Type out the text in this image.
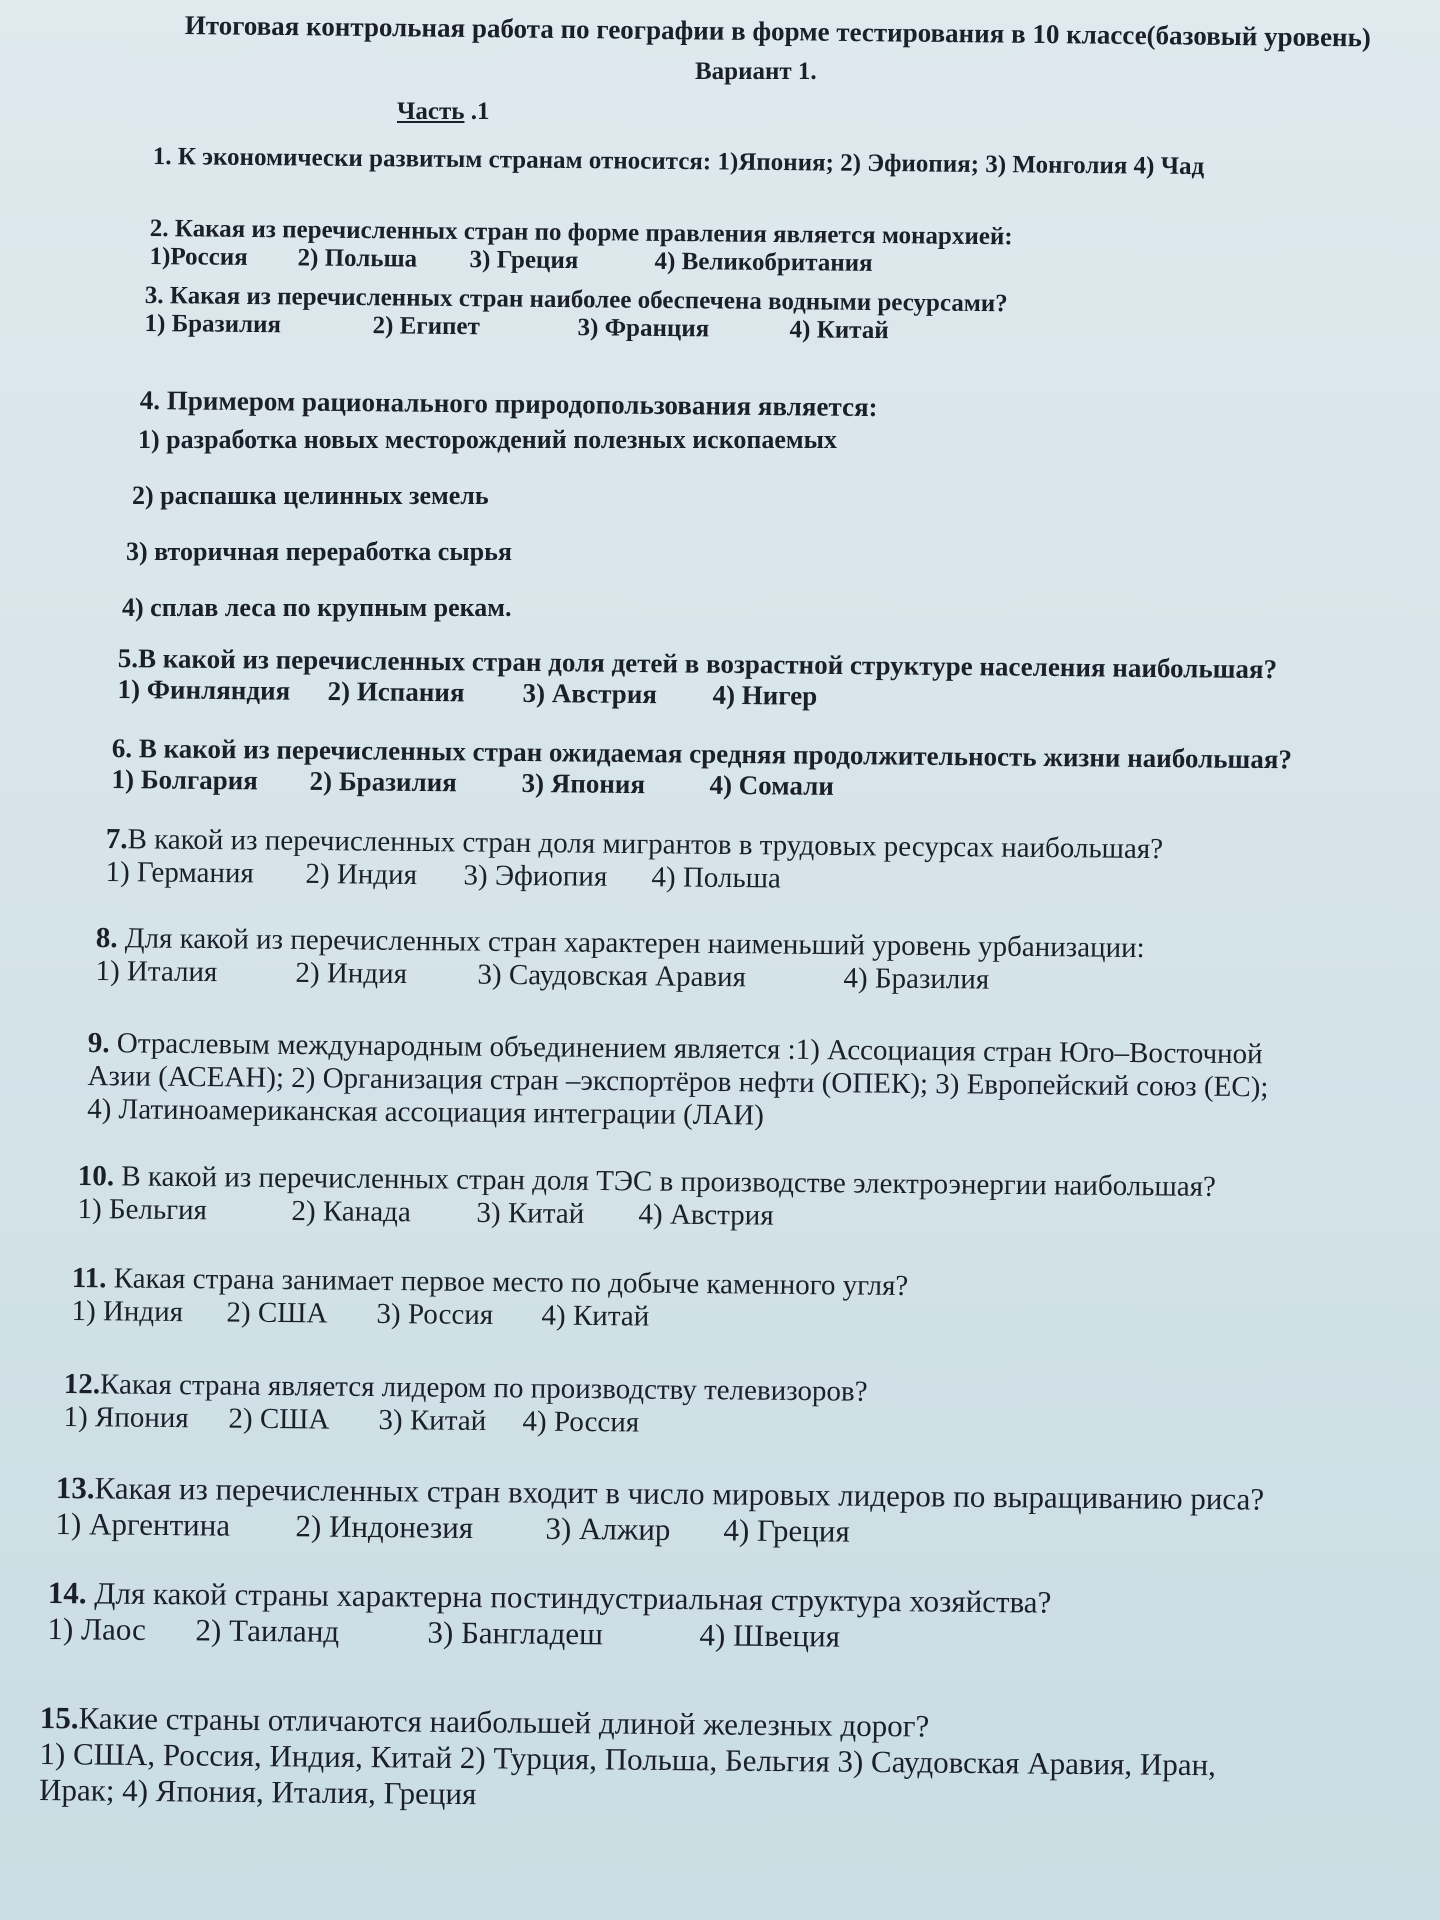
Итоговая контрольная работа по географии в форме тестирования в 10 классе(базовый уровень)
Вариант 1.
Часть .1
1. К экономически развитым странам относится: 1)Япония; 2) Эфиопия; 3) Монголия 4) Чад
2. Какая из перечисленных стран по форме правления является монархией:
1)Россия 2) Польша 3) Греция	4) Великобритания
3. Какая из перечисленных стран наиболее обеспечена водными ресурсами?
1) Бразилия	2) Египет	3) Франция	4) Китай
4. Примером рационального природопользования является:
1) разработка новых месторождений полезных ископаемых
2) распашка целинных земель
3) вторичная переработка сырья
4) сплав леса по крупным рекам.
5.В какой из перечисленных стран доля детей в возрастной структуре населения наибольшая?
1) Финляндия 2) Испания 3) Австрия 4) Нигер
6. В какой из перечисленных стран ожидаемая средняя продолжительность жизни наибольшая?
1) Болгария 2) Бразилия 3) Япония 4) Сомали
7.В какой из перечисленных стран доля мигрантов в трудовых ресурсах наибольшая?
1) Германия 2) Индия 3) Эфиопия 4) Польша
8. Для какой из перечисленных стран характерен наименьший уровень урбанизации:
1) Италия	2) Индия 3) Саудовская Аравия	4) Бразилия
9. Отраслевым международным объединением является :1) Ассоциация стран Юго–Восточной
Азии (АСЕАН); 2) Организация стран –экспортёров нефти (ОПЕК); 3) Европейский союз (ЕС);
4) Латиноамериканская ассоциация интеграции (ЛАИ)
10. В какой из перечисленных стран доля ТЭС в производстве электроэнергии наибольшая?
1) Бельгия	2) Канада 3) Китай 4) Австрия
11. Какая страна занимает первое место по добыче каменного угля?
1) Индия 2) США 3) Россия 4) Китай
12.Какая страна является лидером по производству телевизоров?
1) Япония 2) США 3) Китай 4) Россия
13.Какая из перечисленных стран входит в число мировых лидеров по выращиванию риса?
1) Аргентина 2) Индонезия 3) Алжир 4) Греция
14. Для какой страны характерна постиндустриальная структура хозяйства?
1) Лаос 2) Таиланд	3) Бангладеш	4) Швеция
15.Какие страны отличаются наибольшей длиной железных дорог?
1) США, Россия, Индия, Китай 2) Турция, Польша, Бельгия 3) Саудовская Аравия, Иран,
Ирак; 4) Япония, Италия, Греция
